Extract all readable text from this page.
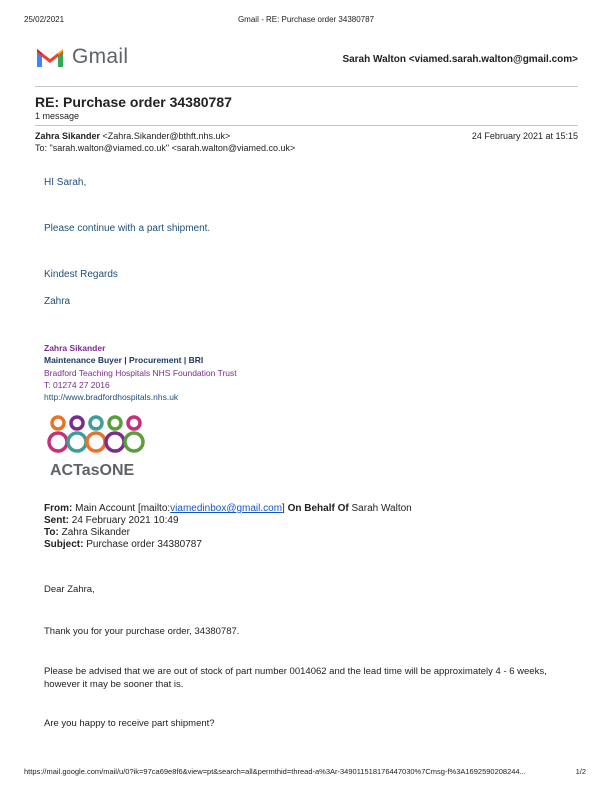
25/02/2021	Gmail - RE: Purchase order 34380787
Gmail	Sarah Walton <viamed.sarah.walton@gmail.com>
RE: Purchase order 34380787
1 message
Zahra Sikander <Zahra.Sikander@bthft.nhs.uk>	24 February 2021 at 15:15
To: "sarah.walton@viamed.co.uk" <sarah.walton@viamed.co.uk>
HI Sarah,
Please continue with a part shipment.
Kindest Regards
Zahra
Zahra Sikander
Maintenance Buyer | Procurement | BRI
Bradford Teaching Hospitals NHS Foundation Trust
T: 01274 27 2016
http://www.bradfordhospitals.nhs.uk
ACTasONE
From: Main Account [mailto:viamedinbox@gmail.com] On Behalf Of Sarah Walton
Sent: 24 February 2021 10:49
To: Zahra Sikander
Subject: Purchase order 34380787
Dear Zahra,
Thank you for your purchase order, 34380787.
Please be advised that we are out of stock of part number 0014062 and the lead time will be approximately 4 - 6 weeks, however it may be sooner that is.
Are you happy to receive part shipment?
https://mail.google.com/mail/u/0?ik=97ca69e8f6&view=pt&search=all&permthid=thread-a%3Ar-3490115181764470​30%7Cmsg-f%3A1692590208244...	1/2
